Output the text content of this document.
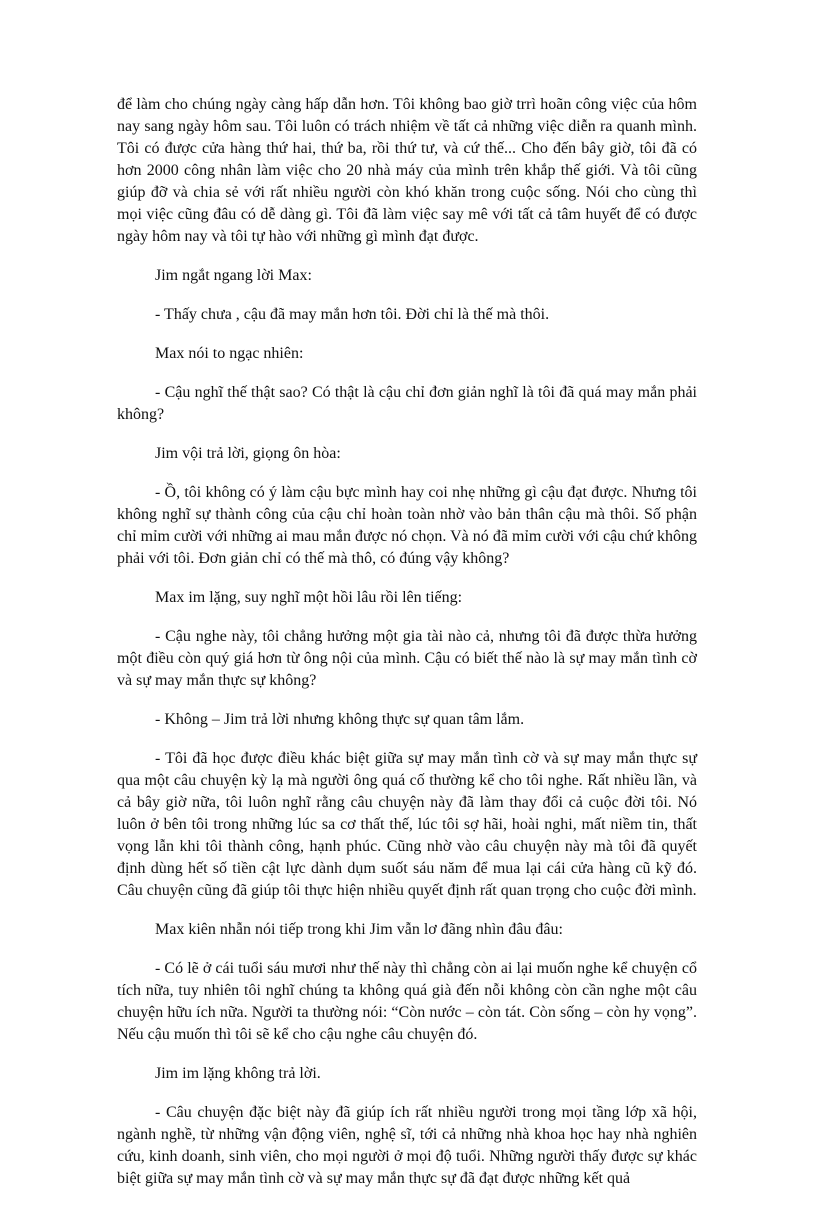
để làm cho chúng ngày càng hấp dẫn hơn. Tôi không bao giờ trrì hoãn công việc của hôm nay sang ngày hôm sau. Tôi luôn có trách nhiệm về tất cả những việc diễn ra quanh mình. Tôi có được cửa hàng thứ hai, thứ ba, rồi thứ tư, và cứ thế... Cho đến bây giờ, tôi đã có hơn 2000 công nhân làm việc cho 20 nhà máy của mình trên khắp thế giới. Và tôi cũng giúp đỡ và chia sẻ với rất nhiều người còn khó khăn trong cuộc sống. Nói cho cùng thì mọi việc cũng đâu có dễ dàng gì. Tôi đã làm việc say mê với tất cả tâm huyết để có được ngày hôm nay và tôi tự hào với những gì mình đạt được.

Jim ngắt ngang lời Max:

- Thấy chưa , cậu đã may mắn hơn tôi. Đời chỉ là thế mà thôi.

Max nói to ngạc nhiên:

- Cậu nghĩ thế thật sao? Có thật là cậu chỉ đơn giản nghĩ là tôi đã quá may mắn phải không?

Jim vội trả lời, giọng ôn hòa:

- Ồ, tôi không có ý làm cậu bực mình hay coi nhẹ những gì cậu đạt được. Nhưng tôi không nghĩ sự thành công của cậu chỉ hoàn toàn nhờ vào bản thân cậu mà thôi. Số phận chỉ mỉm cười với những ai mau mắn được nó chọn. Và nó đã mỉm cười với cậu chứ không phải với tôi. Đơn giản chỉ có thế mà thô, có đúng vậy không?

Max im lặng, suy nghĩ một hồi lâu rồi lên tiếng:

- Cậu nghe này, tôi chẳng hưởng một gia tài nào cả, nhưng tôi đã được thừa hưởng một điều còn quý giá hơn từ ông nội của mình. Cậu có biết thế nào là sự may mắn tình cờ và sự may mắn thực sự không?

- Không – Jim trả lời nhưng không thực sự quan tâm lắm.

- Tôi đã học được điều khác biệt giữa sự may mắn tình cờ và sự may mắn thực sự qua một câu chuyện kỳ lạ mà người ông quá cố thường kể cho tôi nghe. Rất nhiều lần, và cả bây giờ nữa, tôi luôn nghĩ rằng câu chuyện này đã làm thay đổi cả cuộc đời tôi. Nó luôn ở bên tôi trong những lúc sa cơ thất thế, lúc tôi sợ hãi, hoài nghi, mất niềm tin, thất vọng lẫn khi tôi thành công, hạnh phúc. Cũng nhờ vào câu chuyện này mà tôi đã quyết định dùng hết số tiền cật lực dành dụm suốt sáu năm để mua lại cái cửa hàng cũ kỹ đó. Câu chuyện cũng đã giúp tôi thực hiện nhiều quyết định rất quan trọng cho cuộc đời mình.

Max kiên nhẫn nói tiếp trong khi Jim vẫn lơ đãng nhìn đâu đâu:

- Có lẽ ở cái tuổi sáu mươi như thế này thì chẳng còn ai lại muốn nghe kể chuyện cổ tích nữa, tuy nhiên tôi nghĩ chúng ta không quá già đến nỗi không còn cần nghe một câu chuyện hữu ích nữa. Người ta thường nói: “Còn nước – còn tát. Còn sống – còn hy vọng”. Nếu cậu muốn thì tôi sẽ kể cho cậu nghe câu chuyện đó.

Jim im lặng không trả lời.

- Câu chuyện đặc biệt này đã giúp ích rất nhiều người trong mọi tầng lớp xã hội, ngành nghề, từ những vận động viên, nghệ sĩ, tới cả những nhà khoa học hay nhà nghiên cứu, kinh doanh, sinh viên, cho mọi người ở mọi độ tuổi. Những người thấy được sự khác biệt giữa sự may mắn tình cờ và sự may mắn thực sự đã đạt được những kết quả
